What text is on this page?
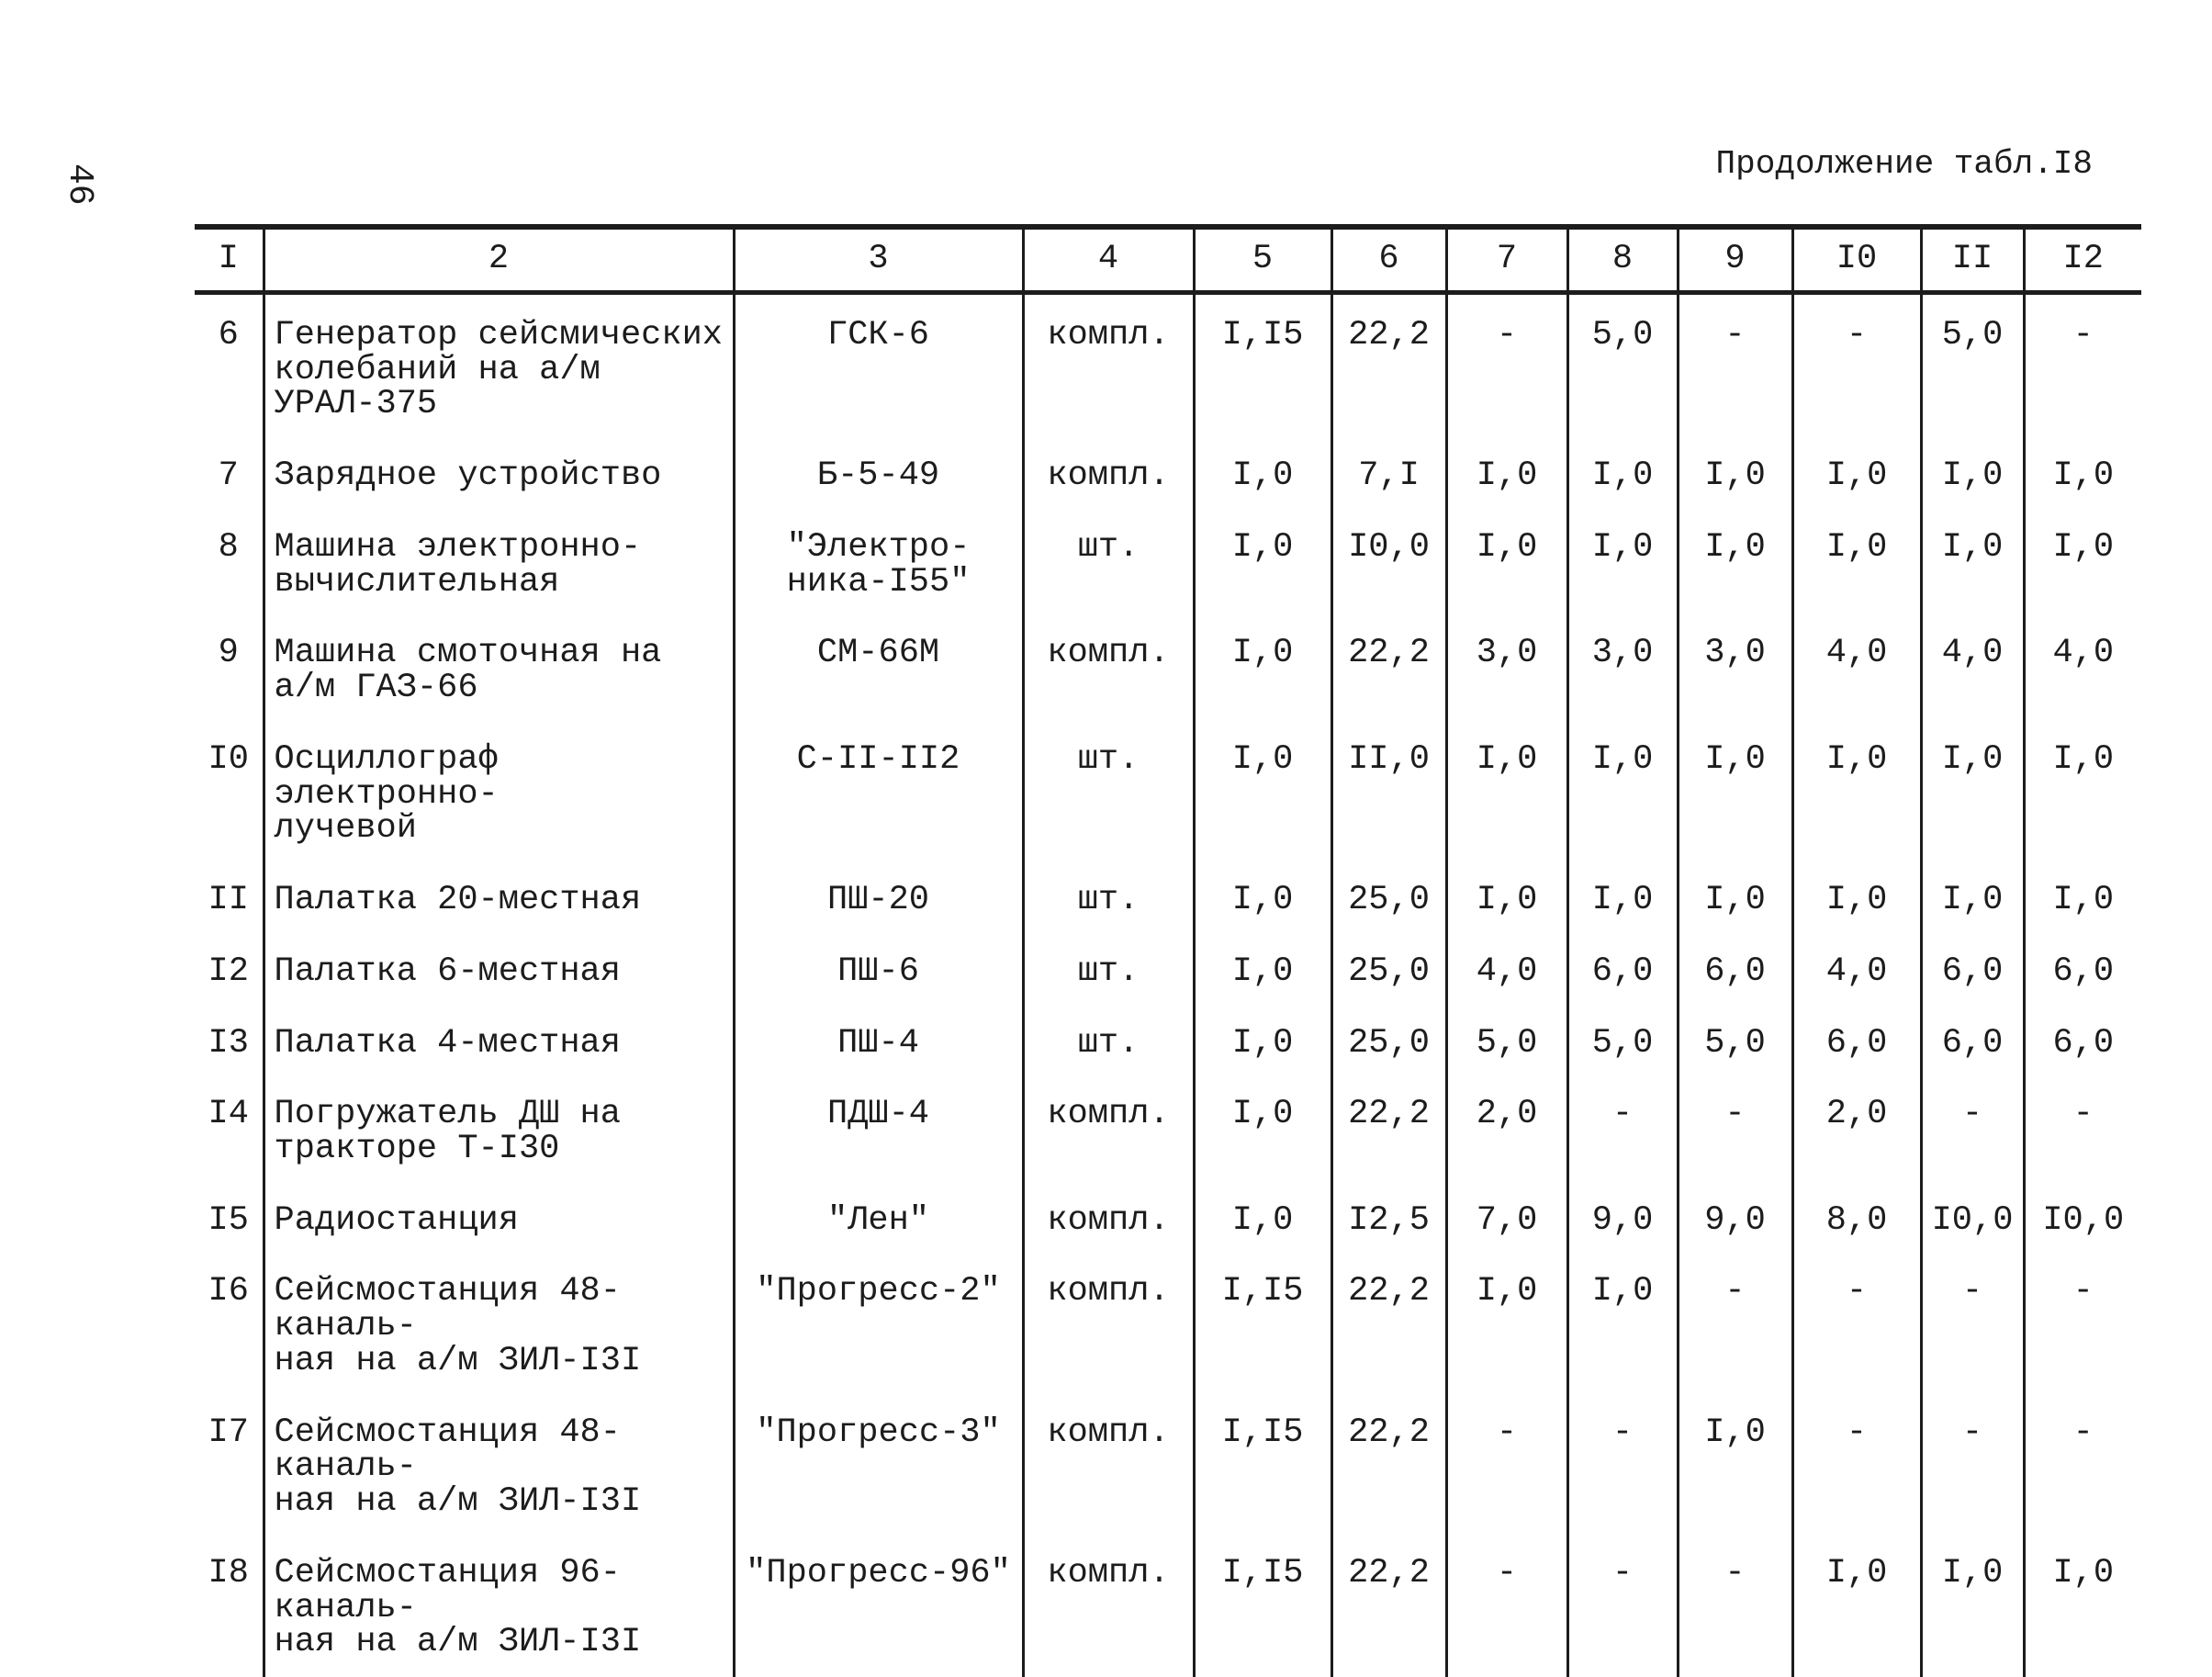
46	Продолжение табл.I8
I	2	3	4	5	6	7	8	9	I0	II	I2
6	Генератор сейсмических
колебаний на а/м
УРАЛ-375	ГСК-6	компл.	I,I5	22,2	-	5,0	-	-	5,0	-
7	Зарядное устройство	Б-5-49	компл.	I,0	7,I	I,0	I,0	I,0	I,0	I,0	I,0
8	Машина электронно-
вычислительная	"Электро-
ника-I55"	шт.	I,0	I0,0	I,0	I,0	I,0	I,0	I,0	I,0
9	Машина смоточная на
а/м ГАЗ-66	СМ-66М	компл.	I,0	22,2	3,0	3,0	3,0	4,0	4,0	4,0
I0	Осциллограф электронно-
лучевой	С-II-II2	шт.	I,0	II,0	I,0	I,0	I,0	I,0	I,0	I,0
II	Палатка 20-местная	ПШ-20	шт.	I,0	25,0	I,0	I,0	I,0	I,0	I,0	I,0
I2	Палатка 6-местная	ПШ-6	шт.	I,0	25,0	4,0	6,0	6,0	4,0	6,0	6,0
I3	Палатка 4-местная	ПШ-4	шт.	I,0	25,0	5,0	5,0	5,0	6,0	6,0	6,0
I4	Погружатель ДШ на
тракторе Т-I30	ПДШ-4	компл.	I,0	22,2	2,0	-	-	2,0	-	-
I5	Радиостанция	"Лен"	компл.	I,0	I2,5	7,0	9,0	9,0	8,0	I0,0	I0,0
I6	Сейсмостанция 48-каналь-
ная на а/м ЗИЛ-I3I	"Прогресс-2"	компл.	I,I5	22,2	I,0	I,0	-	-	-	-
I7	Сейсмостанция 48-каналь-
ная на а/м ЗИЛ-I3I	"Прогресс-3"	компл.	I,I5	22,2	-	-	I,0	-	-	-
I8	Сейсмостанция 96-каналь-
ная на а/м ЗИЛ-I3I	"Прогресс-96"	компл.	I,I5	22,2	-	-	-	I,0	I,0	I,0
